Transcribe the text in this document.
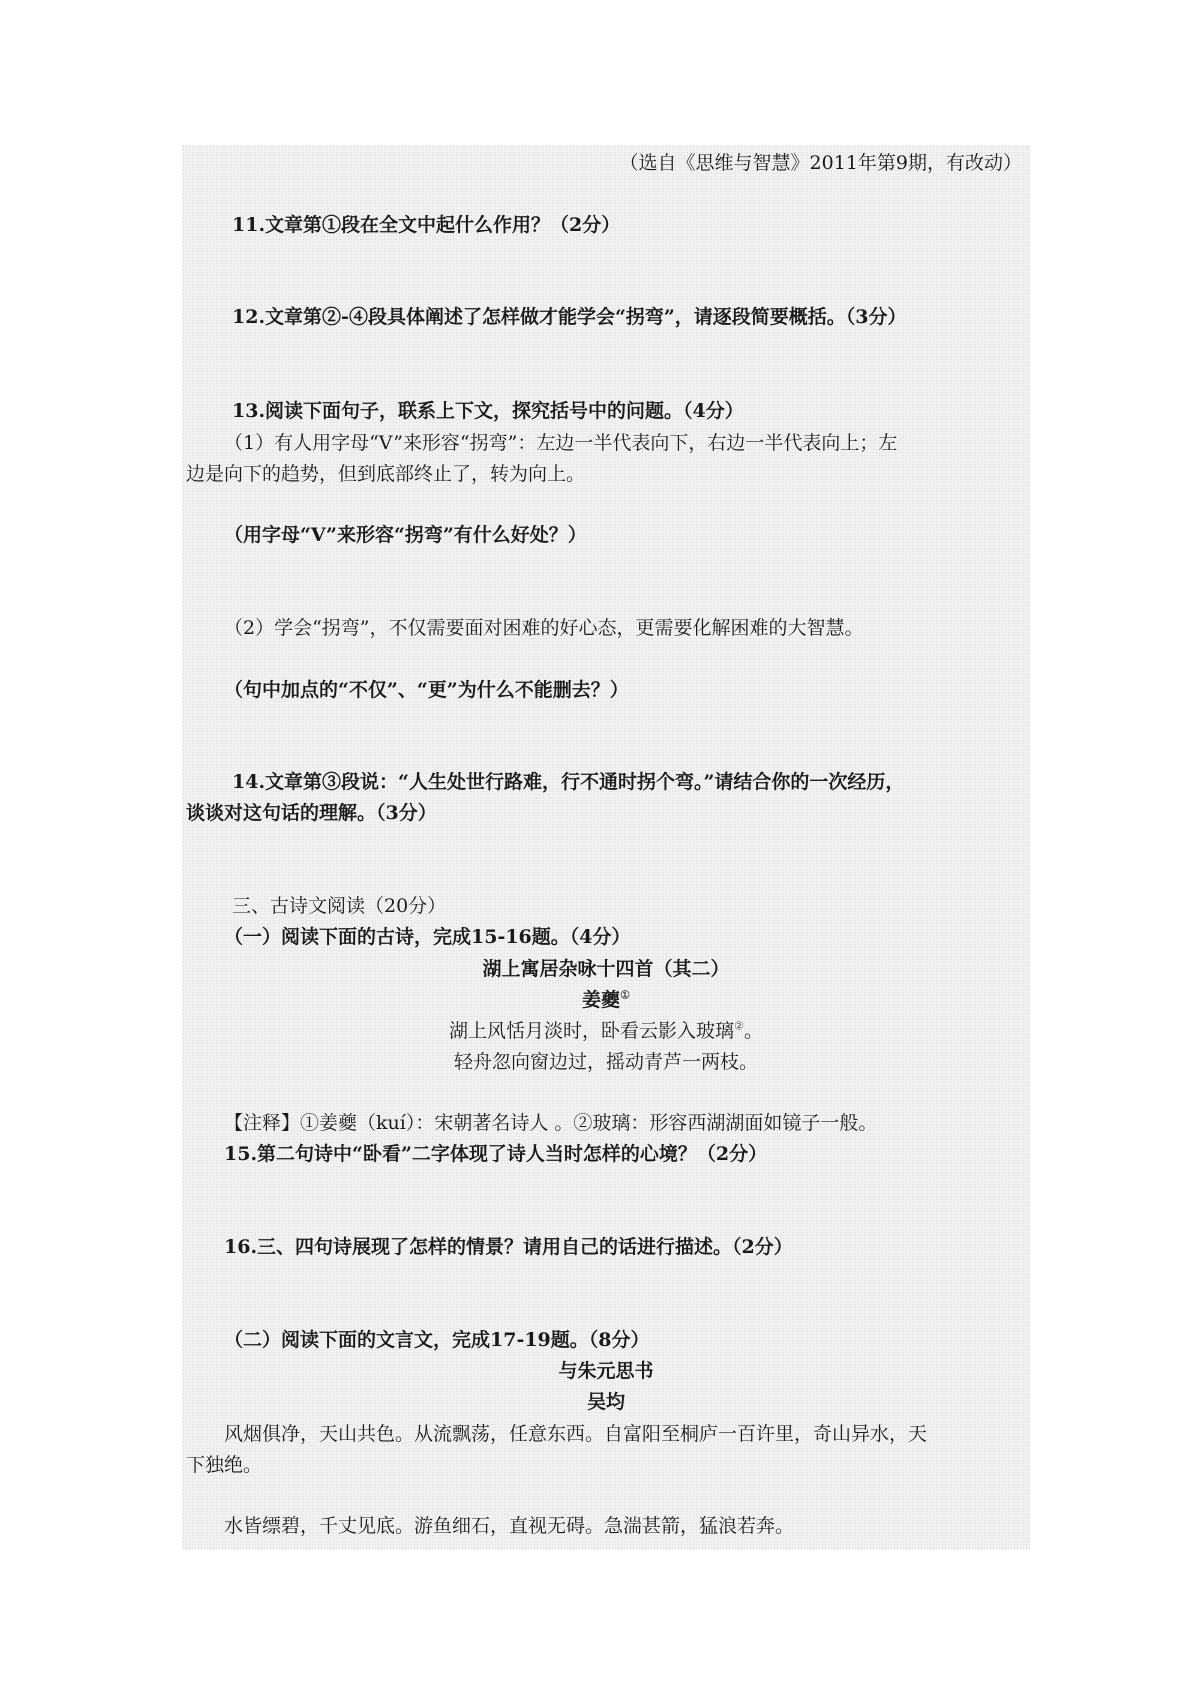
（选自《思维与智慧》2011年第9期，有改动）
11.文章第①段在全文中起什么作用？（2分）
12.文章第②-④段具体阐述了怎样做才能学会“拐弯”，请逐段简要概括。（3分）
13.阅读下面句子，联系上下文，探究括号中的问题。（4分）
（1）有人用字母“V”来形容“拐弯”：左边一半代表向下，右边一半代表向上；左
边是向下的趋势，但到底部终止了，转为向上。
（用字母“V”来形容“拐弯”有什么好处？）
（2）学会“拐弯”，不仅需要面对困难的好心态，更需要化解困难的大智慧。
（句中加点的“不仅”、“更”为什么不能删去？）
14.文章第③段说：“人生处世行路难，行不通时拐个弯。”请结合你的一次经历，
谈谈对这句话的理解。（3分）
三、古诗文阅读（20分）
（一）阅读下面的古诗，完成15-16题。（4分）
湖上寓居杂咏十四首（其二）
姜夔①
湖上风恬月淡时，卧看云影入玻璃②。
轻舟忽向窗边过，摇动青芦一两枝。
【注释】①姜夔（kuí）：宋朝著名诗人 。②玻璃：形容西湖湖面如镜子一般。
15.第二句诗中“卧看”二字体现了诗人当时怎样的心境？（2分）
16.三、四句诗展现了怎样的情景？请用自己的话进行描述。（2分）
（二）阅读下面的文言文，完成17-19题。（8分）
与朱元思书
吴均
风烟俱净，天山共色。从流飘荡，任意东西。自富阳至桐庐一百许里，奇山异水，天
下独绝。
水皆缥碧，千丈见底。游鱼细石，直视无碍。急湍甚箭，猛浪若奔。
